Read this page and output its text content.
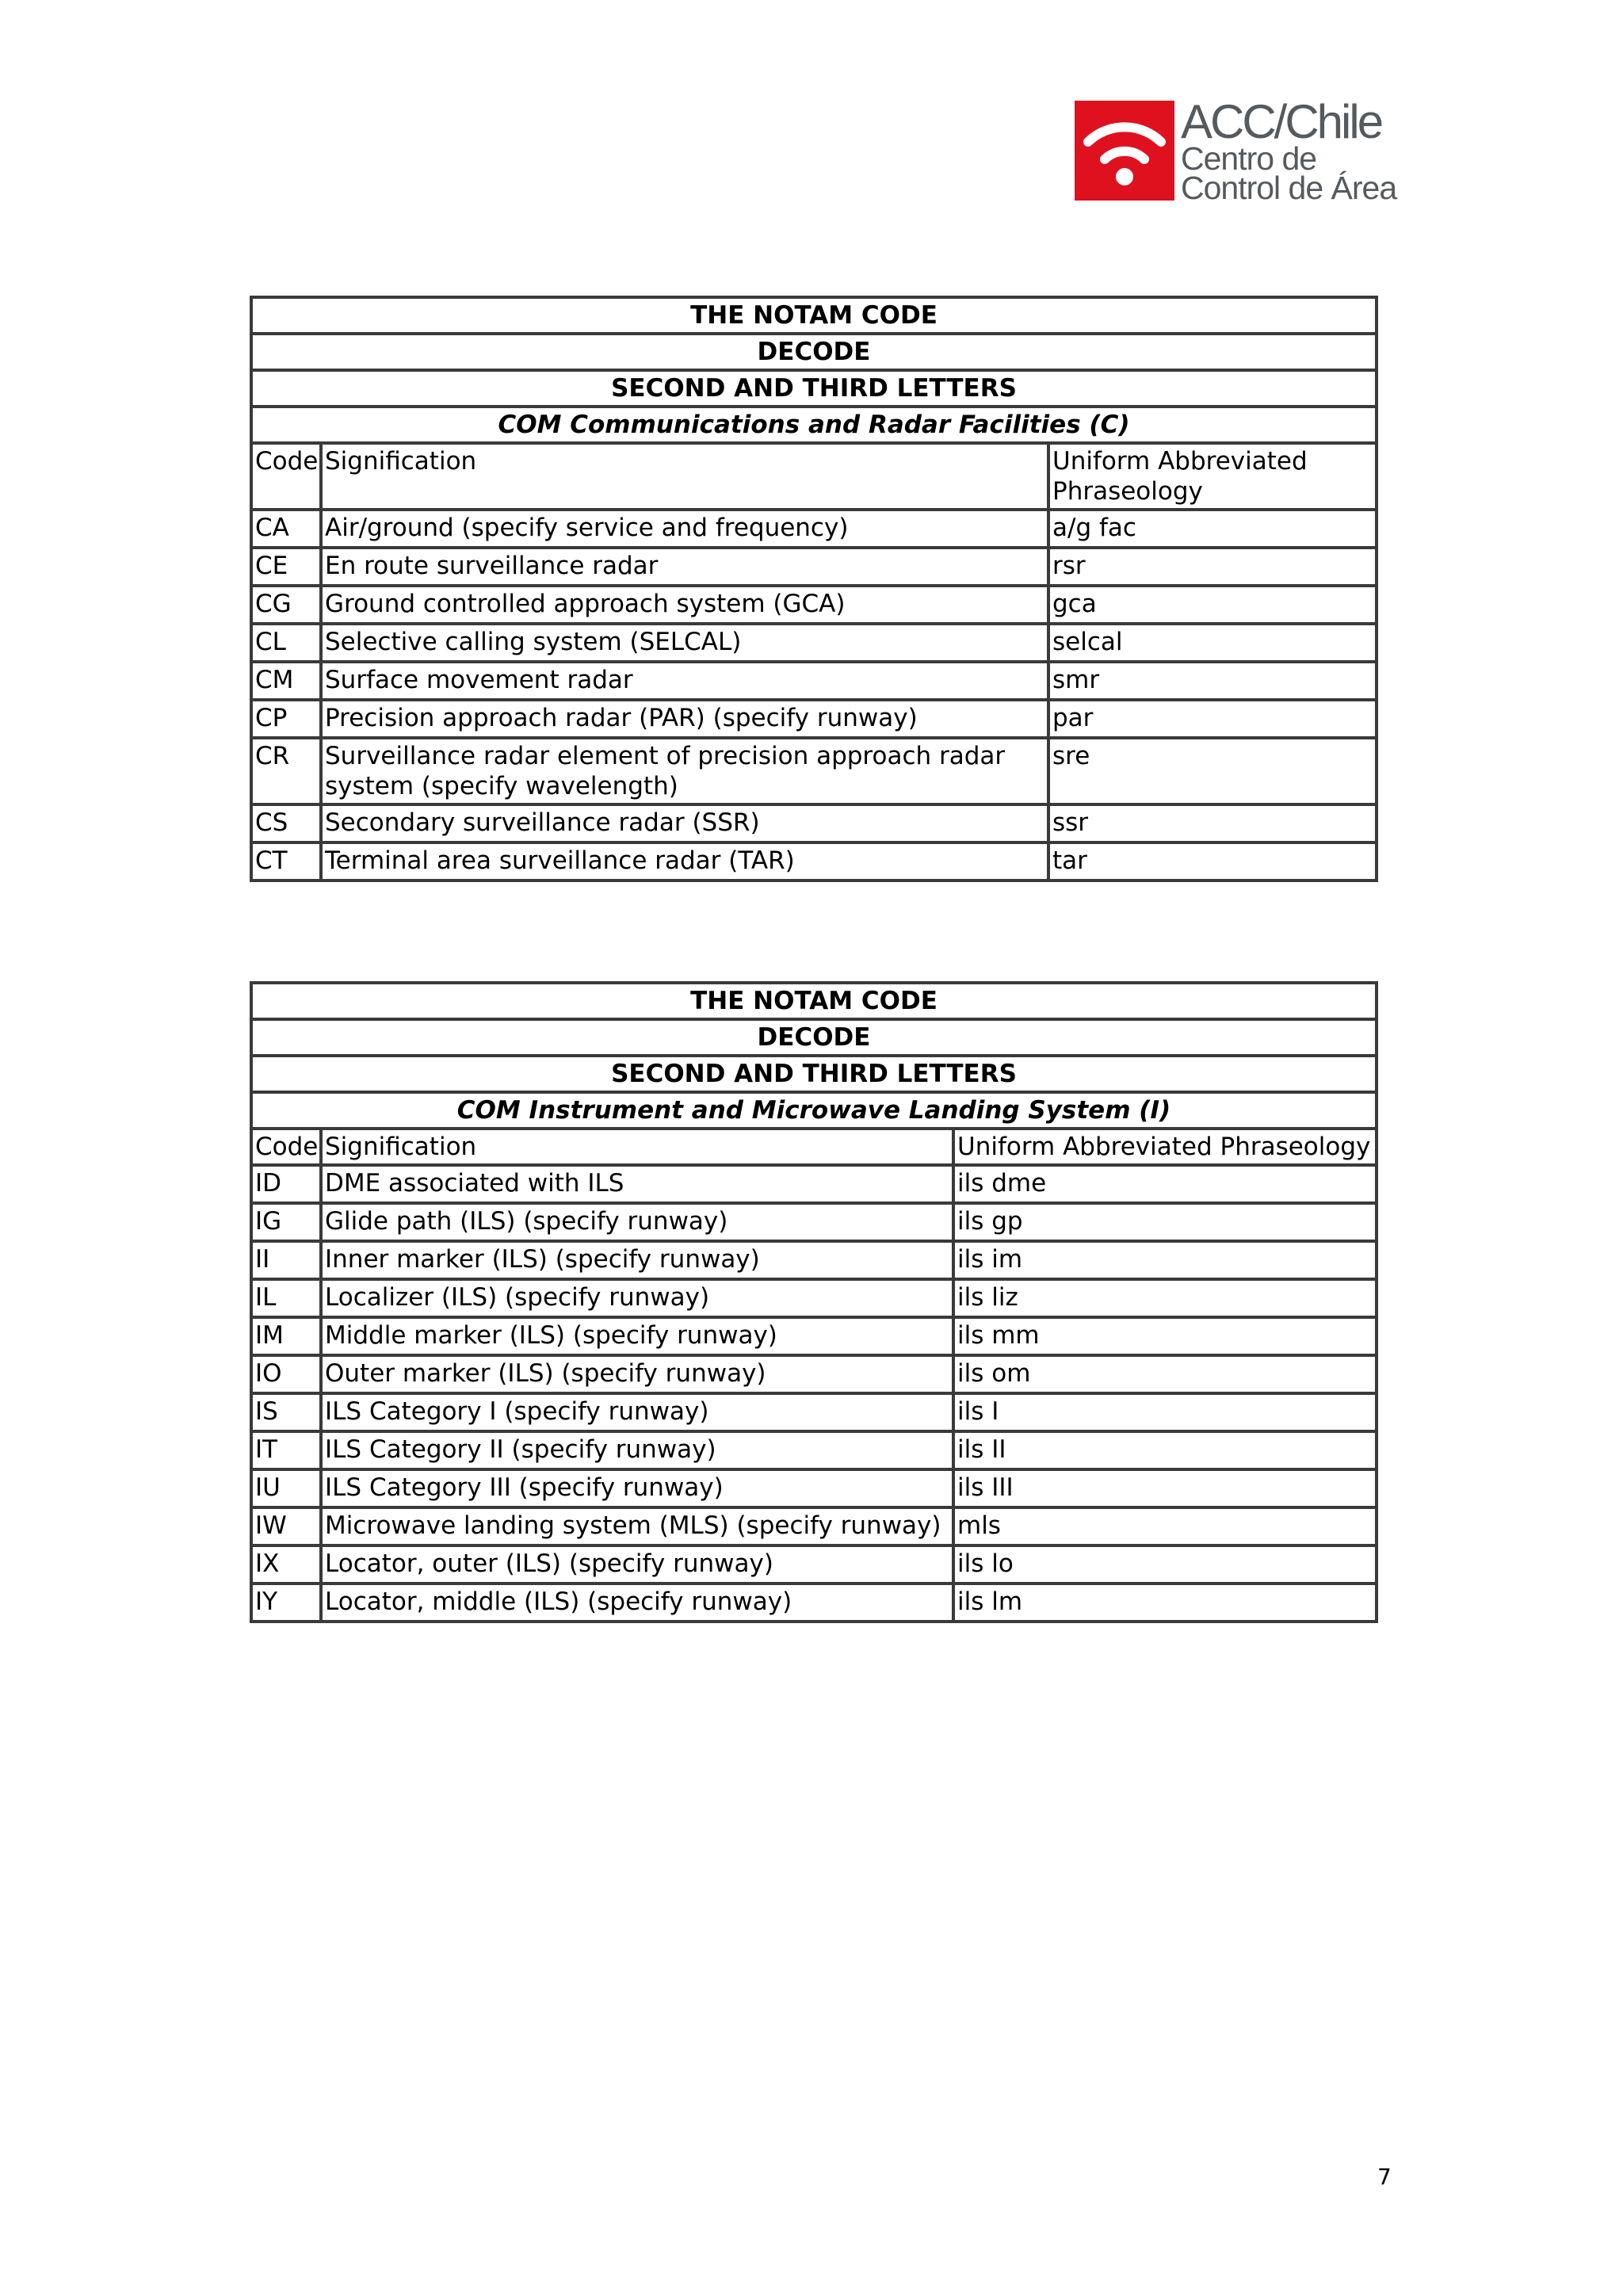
ACC/Chile
Centro de
Control de Área
THE NOTAM CODE		
DECODE		
SECOND AND THIRD LETTERS		
COM Communications and Radar Facilities (C)		
Code	Signification	Uniform Abbreviated Phraseology
CA	Air/ground (specify service and frequency)	a/g fac
CE	En route surveillance radar	rsr
CG	Ground controlled approach system (GCA)	gca
CL	Selective calling system (SELCAL)	selcal
CM	Surface movement radar	smr
CP	Precision approach radar (PAR) (specify runway)	par
CR	Surveillance radar element of precision approach radar system (specify wavelength)	sre
CS	Secondary surveillance radar (SSR)	ssr
CT	Terminal area surveillance radar (TAR)	tar
THE NOTAM CODE		
DECODE		
SECOND AND THIRD LETTERS		
COM Instrument and Microwave Landing System (I)		
Code	Signification	Uniform Abbreviated Phraseology
ID	DME associated with ILS	ils dme
IG	Glide path (ILS) (specify runway)	ils gp
II	Inner marker (ILS) (specify runway)	ils im
IL	Localizer (ILS) (specify runway)	ils liz
IM	Middle marker (ILS) (specify runway)	ils mm
IO	Outer marker (ILS) (specify runway)	ils om
IS	ILS Category I (specify runway)	ils I
IT	ILS Category II (specify runway)	ils II
IU	ILS Category III (specify runway)	ils III
IW	Microwave landing system (MLS) (specify runway)	mls
IX	Locator, outer (ILS) (specify runway)	ils lo
IY	Locator, middle (ILS) (specify runway)	ils lm
7
